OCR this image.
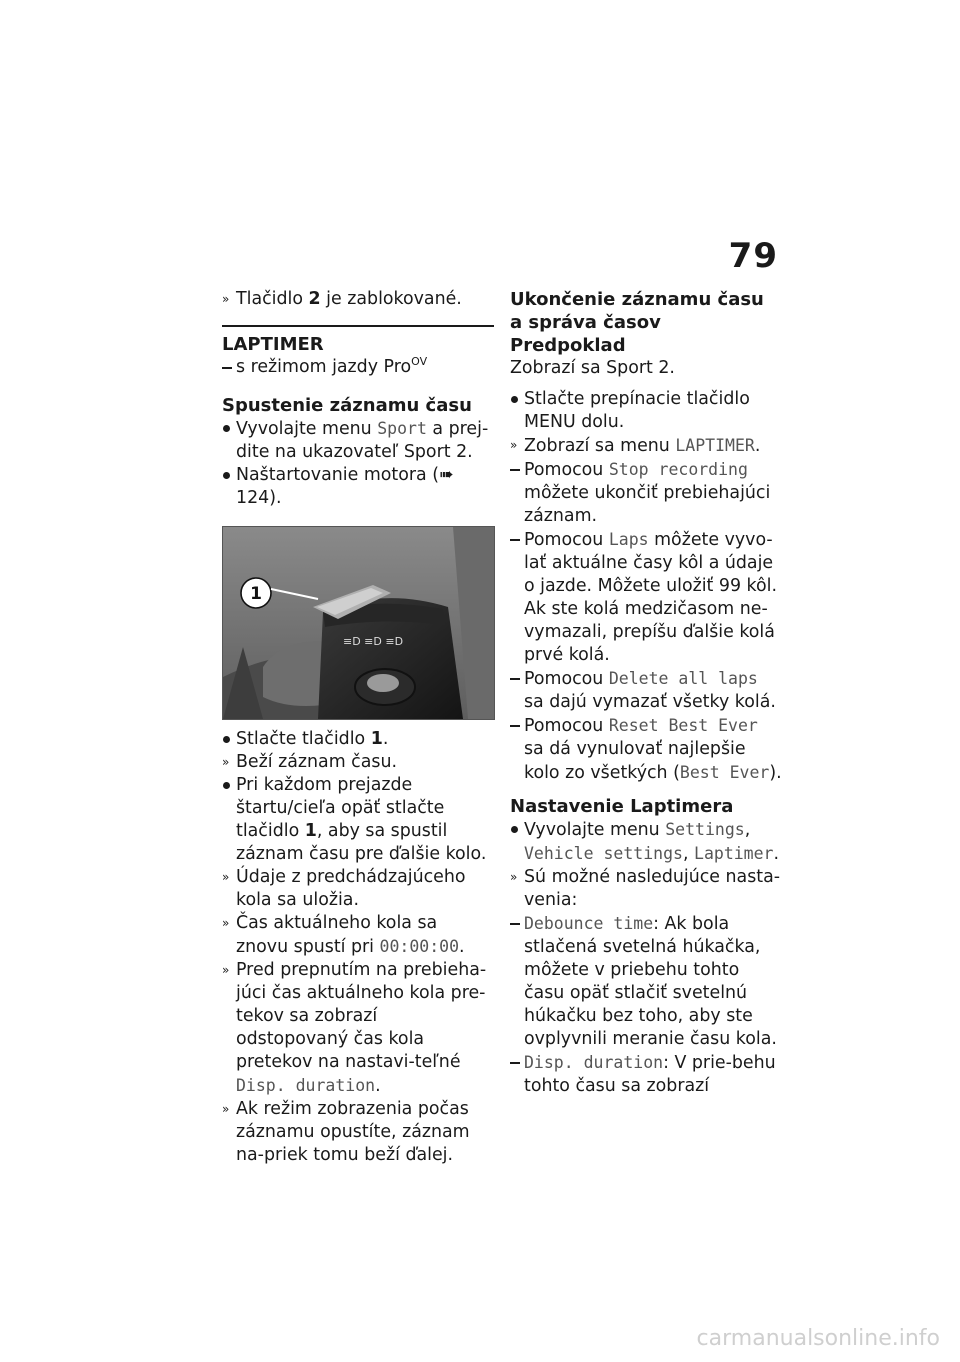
79

» Tlačidlo 2 je zablokované.

LAPTIMER

s režimom jazdy Pro$^{OV}$

Spustenie záznamu času

Vyvolajte menu Sport a prej-dite na ukazovateľ Sport 2.

Naštartovanie motora (➠ 124).

≡D ≡D ≡D
1

Stlačte tlačidlo 1.

» Beží záznam času.

Pri každom prejazde štartu/cieľa opäť stlačte tlačidlo 1, aby sa spustil záznam času pre ďalšie kolo.

» Údaje z predchádzajúceho kola sa uložia.

» Čas aktuálneho kola sa znovu spustí pri 00:00:00.

» Pred prepnutím na prebieha-júci čas aktuálneho kola pre-tekov sa zobrazí odstopovaný čas kola pretekov na nastavi-teľné Disp. duration.

» Ak režim zobrazenia počas záznamu opustíte, záznam na-priek tomu beží ďalej.

Ukončenie záznamu času

a správa časov

Predpoklad

Zobrazí sa Sport 2.

Stlačte prepínacie tlačidlo MENU dolu.

» Zobrazí sa menu LAPTIMER.

Pomocou Stop recording môžete ukončiť prebiehajúci záznam.

Pomocou Laps môžete vyvo-lať aktuálne časy kôl a údaje o jazde. Môžete uložiť 99 kôl. Ak ste kolá medzičasom ne-vymazali, prepíšu ďalšie kolá prvé kolá.

Pomocou Delete all laps sa dajú vymazať všetky kolá.

Pomocou Reset Best Ever sa dá vynulovať najlepšie kolo zo všetkých (Best Ever).

Nastavenie Laptimera

Vyvolajte menu Settings, Vehicle settings, Laptimer.

» Sú možné nasledujúce nasta-venia:

Debounce time: Ak bola stlačená svetelná húkačka, môžete v priebehu tohto času opäť stlačiť svetelnú húkačku bez toho, aby ste ovplyvnili meranie času kola.

Disp. duration: V prie-behu tohto času sa zobrazí

carmanualsonline.info
